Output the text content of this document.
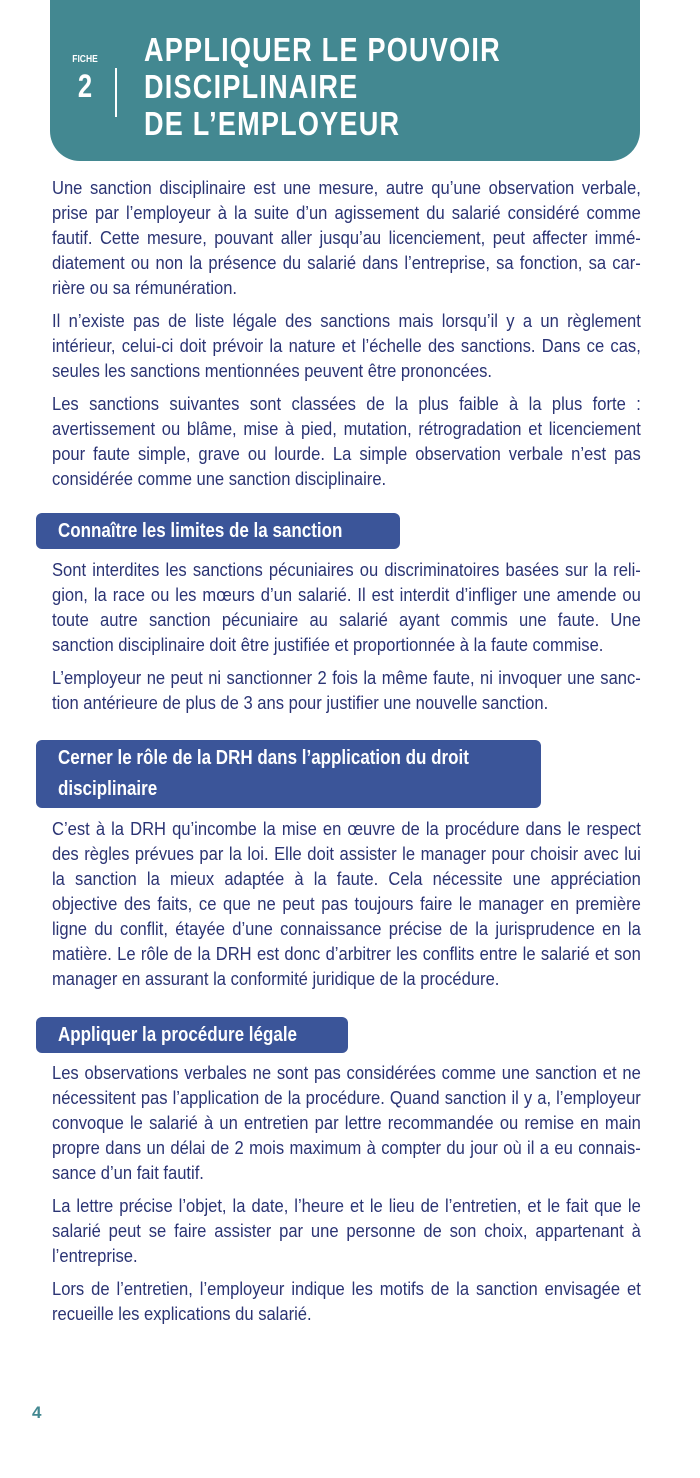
FICHE
2
APPLIQUER LE POUVOIR
DISCIPLINAIRE
DE L’EMPLOYEUR

Une sanction disciplinaire est une mesure, autre qu’une observation verbale, prise par l’employeur à la suite d’un agissement du salarié considéré comme fautif. Cette mesure, pouvant aller jusqu’au licenciement, peut affecter immédiatement ou non la présence du salarié dans l’entreprise, sa fonction, sa carrière ou sa rémunération.

Il n’existe pas de liste légale des sanctions mais lorsqu’il y a un règlement intérieur, celui-ci doit prévoir la nature et l’échelle des sanctions. Dans ce cas, seules les sanctions mentionnées peuvent être prononcées.

Les sanctions suivantes sont classées de la plus faible à la plus forte : avertissement ou blâme, mise à pied, mutation, rétrogradation et licenciement pour faute simple, grave ou lourde. La simple observation verbale n’est pas considérée comme une sanction disciplinaire.

Connaître les limites de la sanction

Sont interdites les sanctions pécuniaires ou discriminatoires basées sur la religion, la race ou les mœurs d’un salarié. Il est interdit d’infliger une amende ou toute autre sanction pécuniaire au salarié ayant commis une faute. Une sanction disciplinaire doit être justifiée et proportionnée à la faute commise.

L’employeur ne peut ni sanctionner 2 fois la même faute, ni invoquer une sanction antérieure de plus de 3 ans pour justifier une nouvelle sanction.

Cerner le rôle de la DRH dans l’application du droit
disciplinaire

C’est à la DRH qu’incombe la mise en œuvre de la procédure dans le respect des règles prévues par la loi. Elle doit assister le manager pour choisir avec lui la sanction la mieux adaptée à la faute. Cela nécessite une appréciation objective des faits, ce que ne peut pas toujours faire le manager en première ligne du conflit, étayée d’une connaissance précise de la jurisprudence en la matière. Le rôle de la DRH est donc d’arbitrer les conflits entre le salarié et son manager en assurant la conformité juridique de la procédure.

Appliquer la procédure légale

Les observations verbales ne sont pas considérées comme une sanction et ne nécessitent pas l’application de la procédure. Quand sanction il y a, l’employeur convoque le salarié à un entretien par lettre recommandée ou remise en main propre dans un délai de 2 mois maximum à compter du jour où il a eu connaissance d’un fait fautif.

La lettre précise l’objet, la date, l’heure et le lieu de l’entretien, et le fait que le salarié peut se faire assister par une personne de son choix, appartenant à l’entreprise.

Lors de l’entretien, l’employeur indique les motifs de la sanction envisagée et recueille les explications du salarié.

4
